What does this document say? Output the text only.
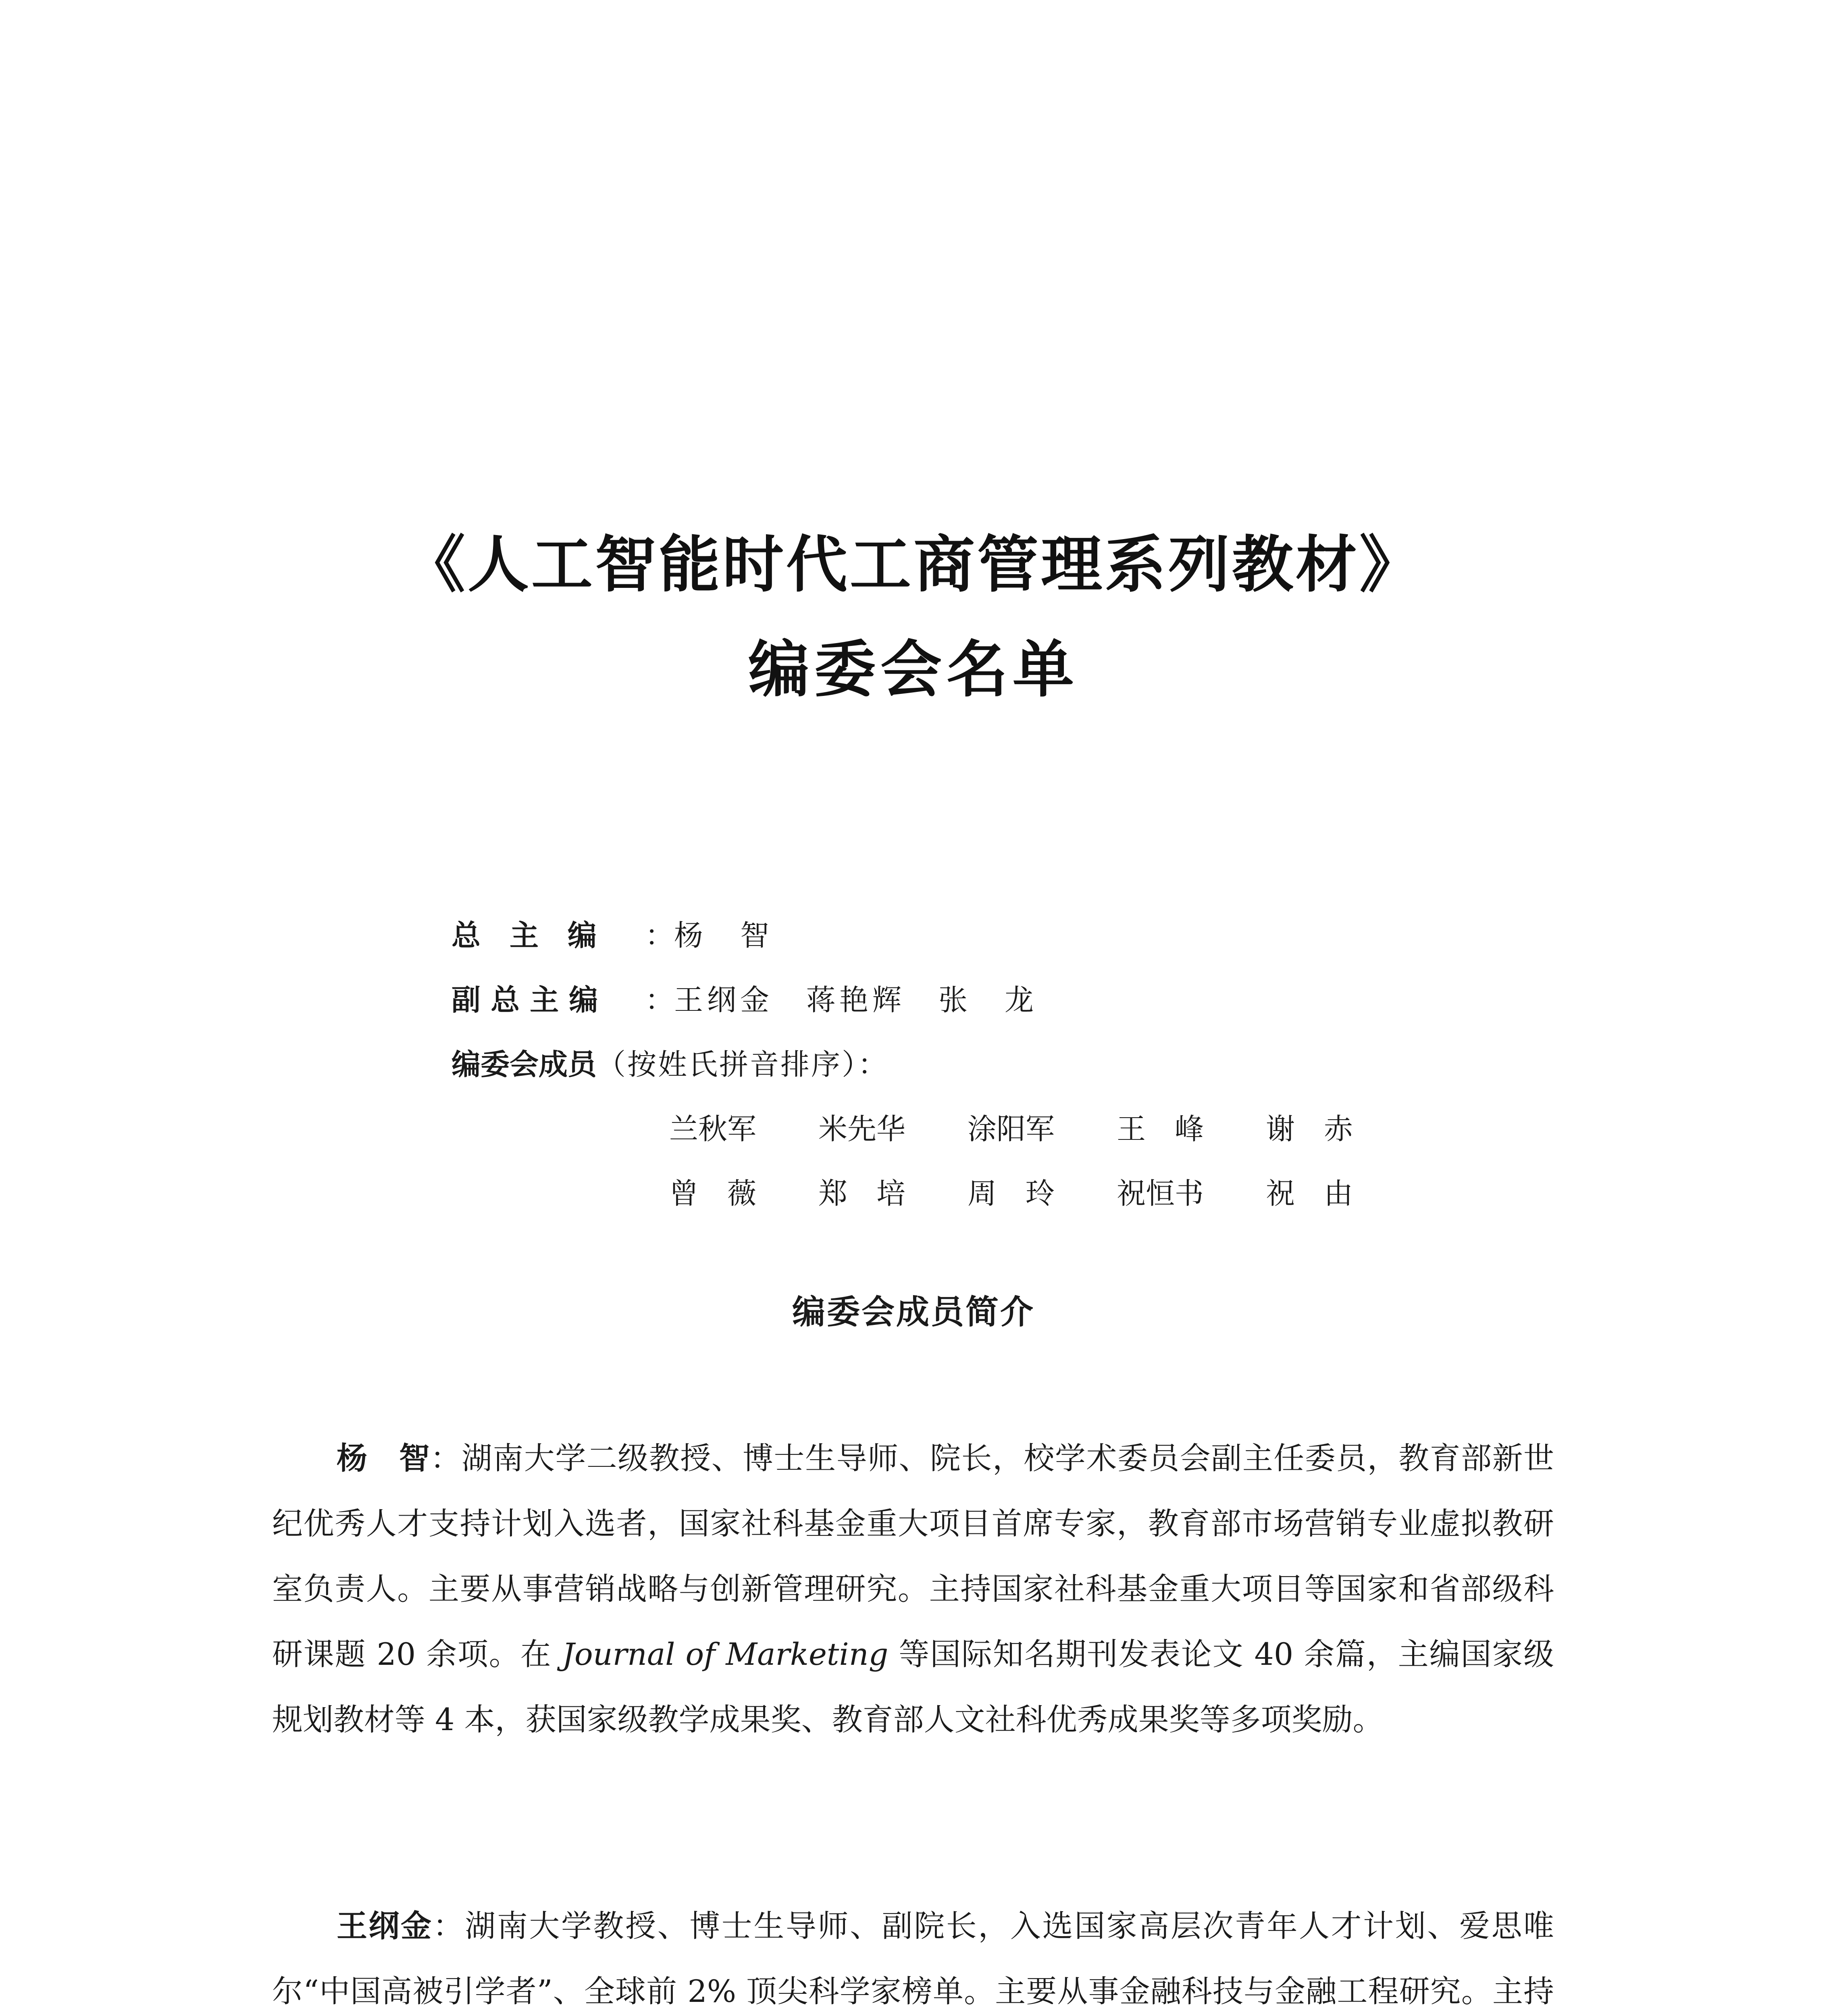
《人工智能时代工商管理系列教材》
编委会名单
总　主　编 ：杨　智
副 总 主 编 ：王纲金　蒋艳辉　张　龙
编委会成员（按姓氏拼音排序）：
兰秋军 米先华 涂阳军 王　峰 谢　赤
曾　薇 郑　培 周　玲 祝恒书 祝　由
编委会成员简介

杨　智：湖南大学二级教授、博士生导师、院长，校学术委员会副主任委员，教育部新世纪优秀人才支持计划入选者，国家社科基金重大项目首席专家，教育部市场营销专业虚拟教研室负责人。主要从事营销战略与创新管理研究。主持国家社科基金重大项目等国家和省部级科研课题 20 余项。在 Journal of Marketing 等国际知名期刊发表论文 40 余篇，主编国家级规划教材等 4 本，获国家级教学成果奖、教育部人文社科优秀成果奖等多项奖励。

王纲金：湖南大学教授、博士生导师、副院长，入选国家高层次青年人才计划、爱思唯尔“中国高被引学者”、全球前 2% 顶尖科学家榜单。主要从事金融科技与金融工程研究。主持
